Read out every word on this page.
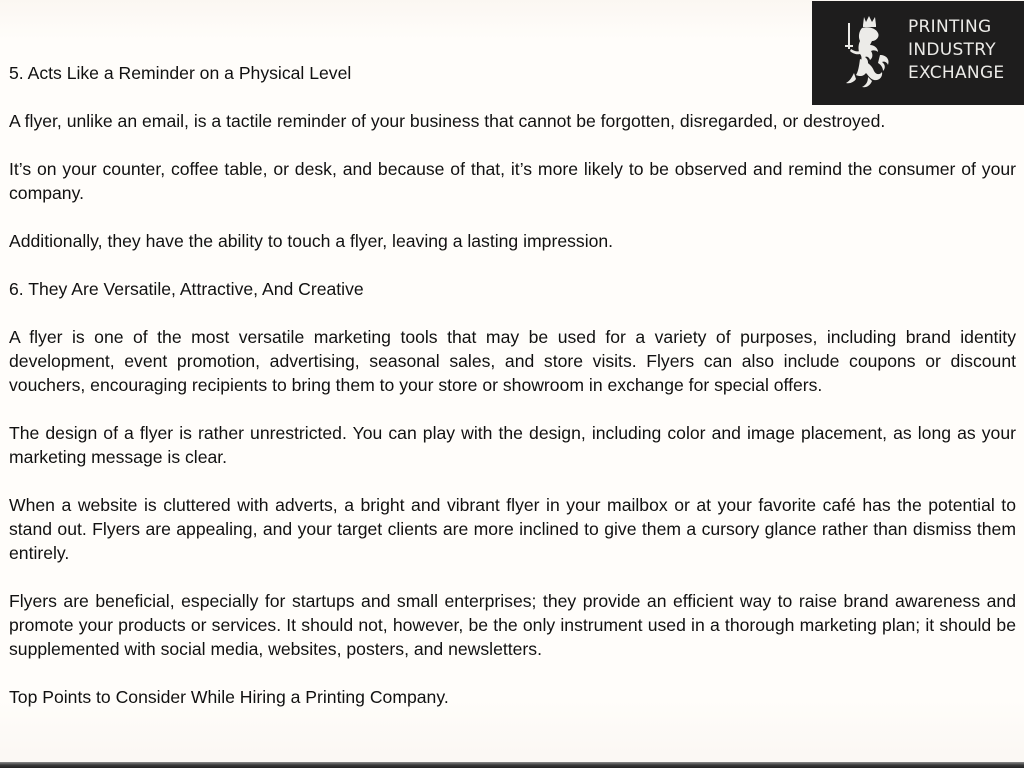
PRINTING
INDUSTRY
EXCHANGE

5. Acts Like a Reminder on a Physical Level

A flyer, unlike an email, is a tactile reminder of your business that cannot be forgotten, disregarded, or destroyed.

It’s on your counter, coffee table, or desk, and because of that, it’s more likely to be observed and remind the consumer of your company.

Additionally, they have the ability to touch a flyer, leaving a lasting impression.

6. They Are Versatile, Attractive, And Creative

A flyer is one of the most versatile marketing tools that may be used for a variety of purposes, including brand identity development, event promotion, advertising, seasonal sales, and store visits. Flyers can also include coupons or discount vouchers, encouraging recipients to bring them to your store or showroom in exchange for special offers.

The design of a flyer is rather unrestricted. You can play with the design, including color and image placement, as long as your marketing message is clear.

When a website is cluttered with adverts, a bright and vibrant flyer in your mailbox or at your favorite café has the potential to stand out. Flyers are appealing, and your target clients are more inclined to give them a cursory glance rather than dismiss them entirely.

Flyers are beneficial, especially for startups and small enterprises; they provide an efficient way to raise brand awareness and promote your products or services. It should not, however, be the only instrument used in a thorough marketing plan; it should be supplemented with social media, websites, posters, and newsletters.

Top Points to Consider While Hiring a Printing Company.
